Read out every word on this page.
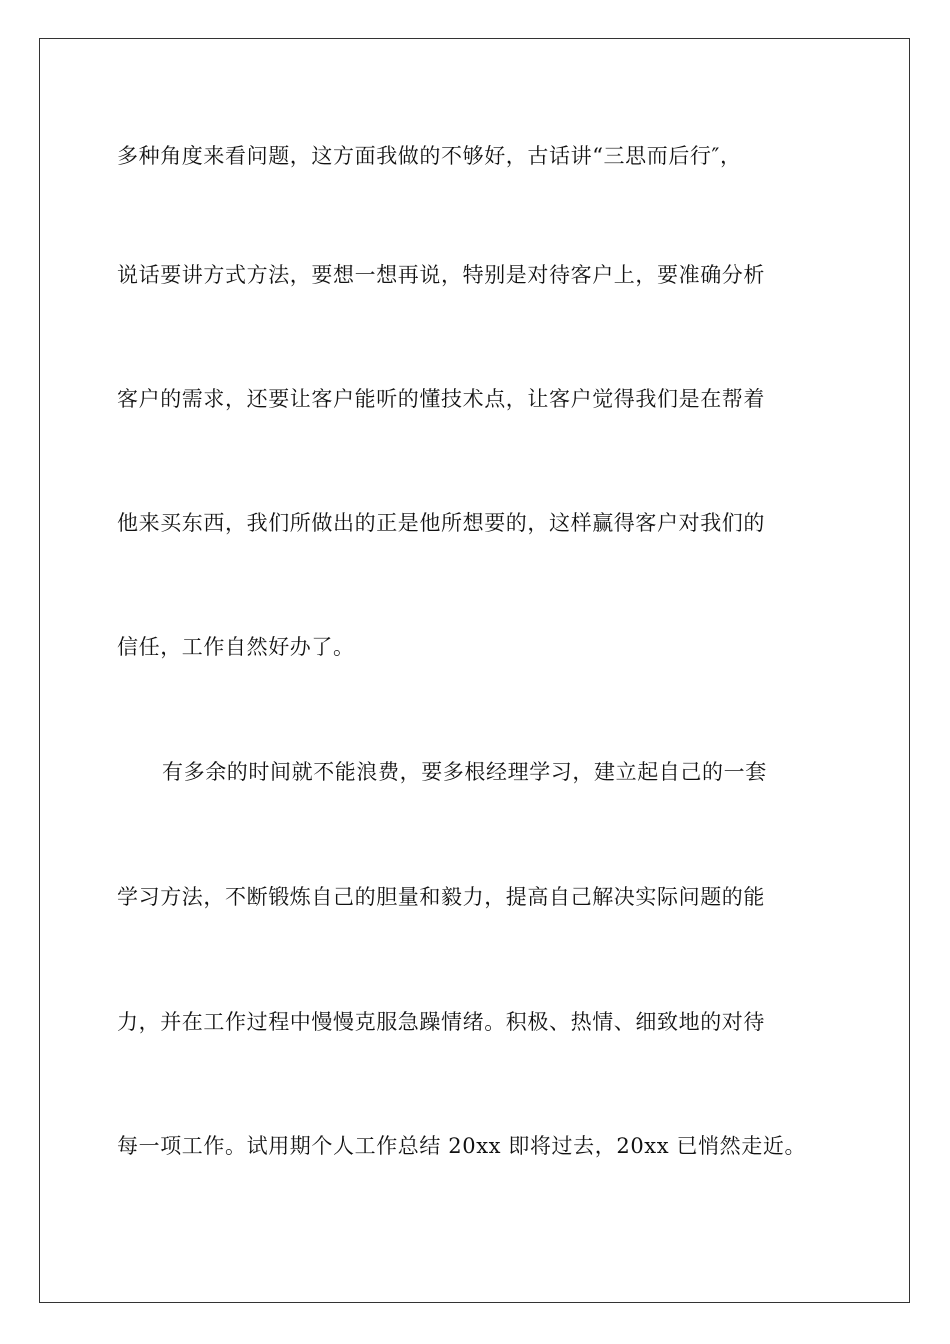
多种角度来看问题，这方面我做的不够好，古话讲“三思而后行″，
说话要讲方式方法，要想一想再说，特别是对待客户上，要准确分析
客户的需求，还要让客户能听的懂技术点，让客户觉得我们是在帮着
他来买东西，我们所做出的正是他所想要的，这样赢得客户对我们的
信任，工作自然好办了。
有多余的时间就不能浪费，要多根经理学习，建立起自己的一套
学习方法，不断锻炼自己的胆量和毅力，提高自己解决实际问题的能
力，并在工作过程中慢慢克服急躁情绪。积极、热情、细致地的对待
每一项工作。试用期个人工作总结 20xx 即将过去，20xx 已悄然走近。
